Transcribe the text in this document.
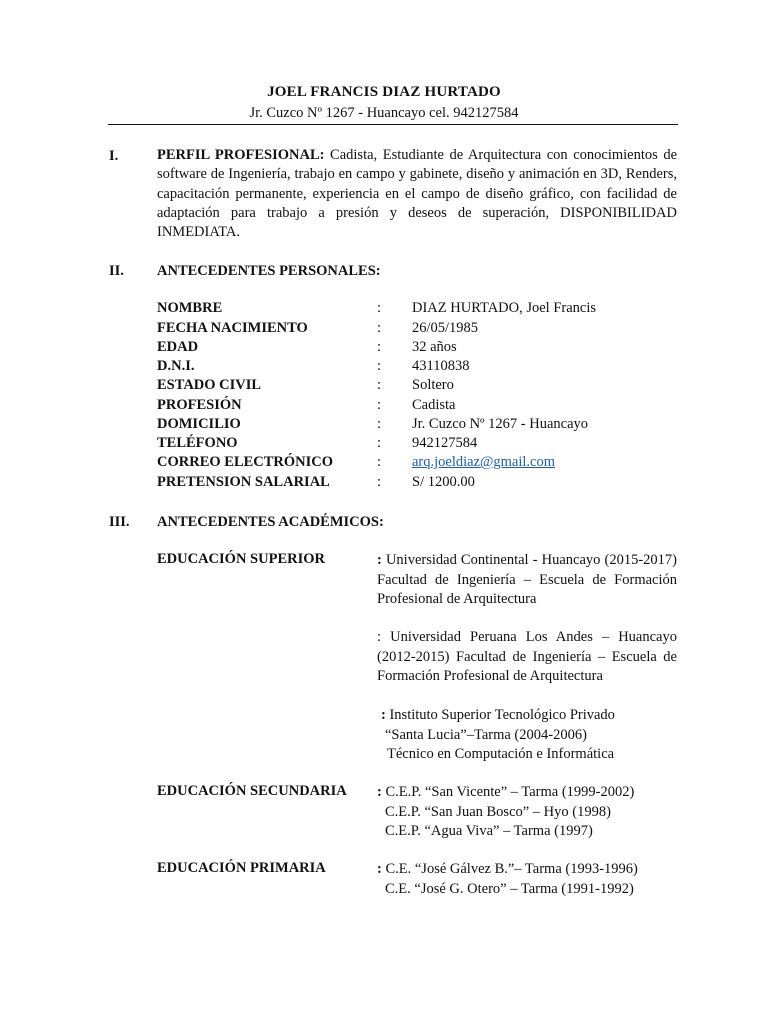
JOEL FRANCIS DIAZ HURTADO
Jr. Cuzco Nº 1267 - Huancayo cel. 942127584
I.	PERFIL PROFESIONAL: Cadista, Estudiante de Arquitectura con conocimientos de software de Ingeniería, trabajo en campo y gabinete, diseño y animación en 3D, Renders, capacitación permanente, experiencia en el campo de diseño gráfico, con facilidad de adaptación para trabajo a presión y deseos de superación, DISPONIBILIDAD INMEDIATA.
II. ANTECEDENTES PERSONALES:
NOMBRE	: DIAZ HURTADO, Joel Francis
FECHA NACIMIENTO	: 26/05/1985
EDAD	: 32 años
D.N.I.	: 43110838
ESTADO CIVIL	: Soltero
PROFESIÓN	: Cadista
DOMICILIO	: Jr. Cuzco Nº 1267 - Huancayo
TELÉFONO	: 942127584
CORREO ELECTRÓNICO	: arq.joeldiaz@gmail.com
PRETENSION SALARIAL	: S/ 1200.00
III. ANTECEDENTES ACADÉMICOS:
EDUCACIÓN SUPERIOR	: Universidad Continental - Huancayo (2015-2017) Facultad de Ingeniería – Escuela de Formación Profesional de Arquitectura
: Universidad Peruana Los Andes – Huancayo (2012-2015) Facultad de Ingeniería – Escuela de Formación Profesional de Arquitectura
: Instituto Superior Tecnológico Privado
“Santa Lucia”–Tarma (2004-2006)
Técnico en Computación e Informática
EDUCACIÓN SECUNDARIA : C.E.P. “San Vicente” – Tarma (1999-2002)
C.E.P. “San Juan Bosco” – Hyo (1998)
C.E.P. “Agua Viva” – Tarma (1997)
EDUCACIÓN PRIMARIA	: C.E. “José Gálvez B.”– Tarma (1993-1996)
C.E. “José G. Otero” – Tarma (1991-1992)
